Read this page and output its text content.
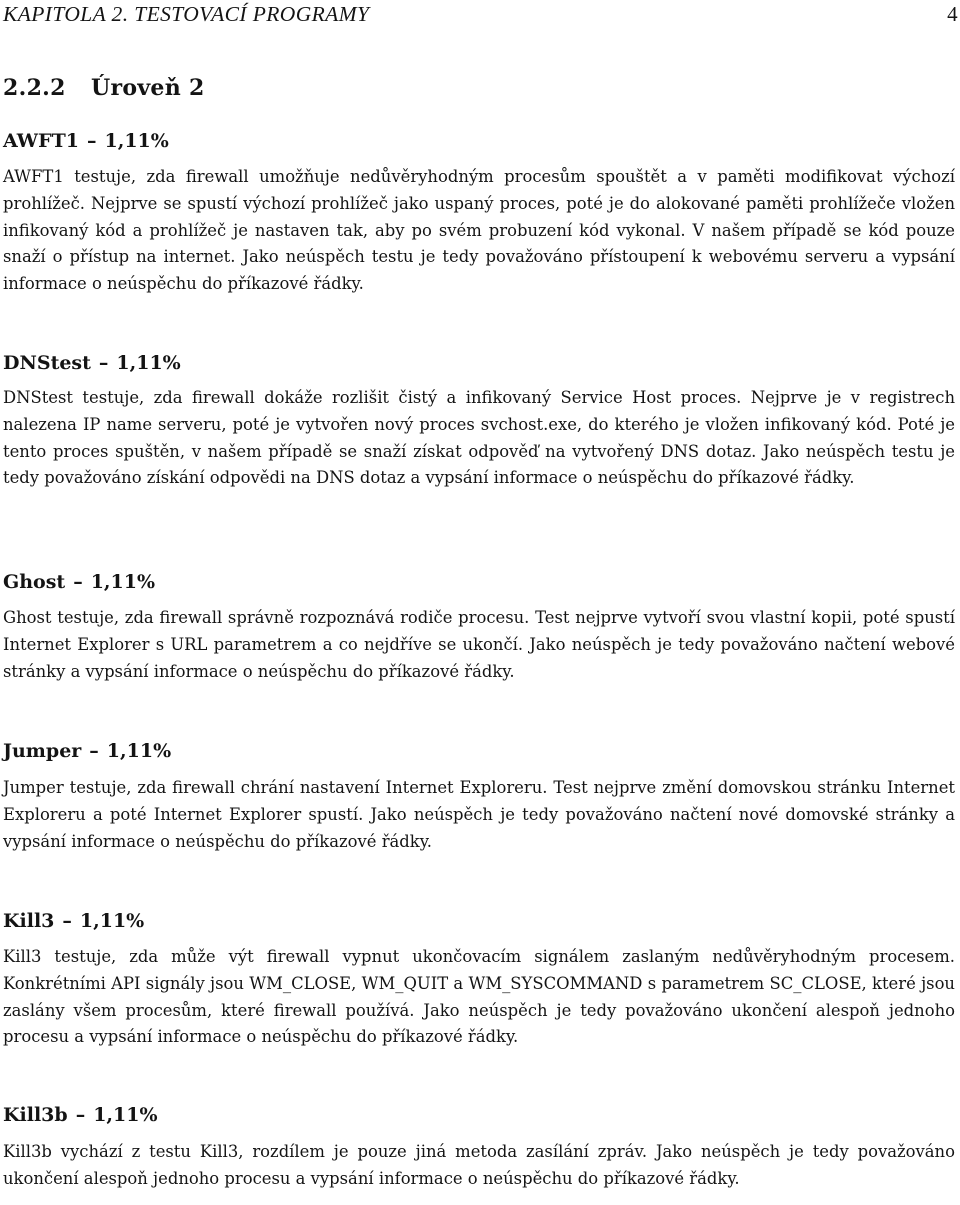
KAPITOLA 2. TESTOVACÍ PROGRAMY	4
2.2.2 Úroveň 2
AWFT1 – 1,11%

AWFT1 testuje, zda firewall umožňuje nedůvěryhodným procesům spouštět a v paměti modifikovat výchozí prohlížeč. Nejprve se spustí výchozí prohlížeč jako uspaný proces, poté je do alokované paměti prohlížeče vložen infikovaný kód a prohlížeč je nastaven tak, aby po svém probuzení kód vykonal. V našem případě se kód pouze snaží o přístup na internet. Jako neúspěch testu je tedy považováno přístoupení k webovému serveru a vypsání informace o neúspěchu do příkazové řádky.

DNStest – 1,11%

DNStest testuje, zda firewall dokáže rozlišit čistý a infikovaný Service Host proces. Nejprve je v registrech nalezena IP name serveru, poté je vytvořen nový proces svchost.exe, do kterého je vložen infikovaný kód. Poté je tento proces spuštěn, v našem případě se snaží získat odpověď na vytvořený DNS dotaz. Jako neúspěch testu je tedy považováno získání odpovědi na DNS dotaz a vypsání informace o neúspěchu do příkazové řádky.

Ghost – 1,11%

Ghost testuje, zda firewall správně rozpoznává rodiče procesu. Test nejprve vytvoří svou vlastní kopii, poté spustí Internet Explorer s URL parametrem a co nejdříve se ukončí. Jako neúspěch je tedy považováno načtení webové stránky a vypsání informace o neúspěchu do příkazové řádky.

Jumper – 1,11%

Jumper testuje, zda firewall chrání nastavení Internet Exploreru. Test nejprve změní domovskou stránku Internet Exploreru a poté Internet Explorer spustí. Jako neúspěch je tedy považováno načtení nové domovské stránky a vypsání informace o neúspěchu do příkazové řádky.

Kill3 – 1,11%

Kill3 testuje, zda může výt firewall vypnut ukončovacím signálem zaslaným nedůvěryhodným procesem. Konkrétními API signály jsou WM_CLOSE, WM_QUIT a WM_SYSCOMMAND s parametrem SC_CLOSE, které jsou zaslány všem procesům, které firewall používá. Jako neúspěch je tedy považováno ukončení alespoň jednoho procesu a vypsání informace o neúspěchu do příkazové řádky.

Kill3b – 1,11%

Kill3b vychází z testu Kill3, rozdílem je pouze jiná metoda zasílání zpráv. Jako neúspěch je tedy považováno ukončení alespoň jednoho procesu a vypsání informace o neúspěchu do příkazové řádky.
